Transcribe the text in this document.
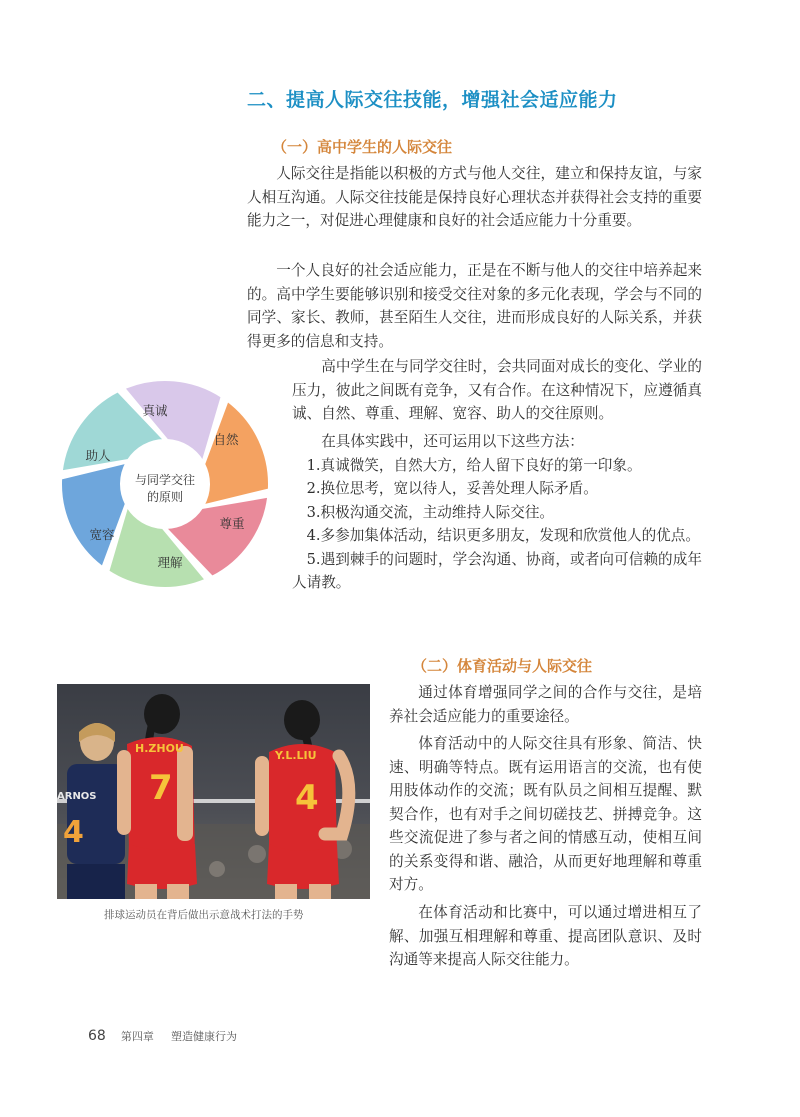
二、提高人际交往技能，增强社会适应能力
（一）高中学生的人际交往

人际交往是指能以积极的方式与他人交往，建立和保持友谊，与家人相互沟通。人际交往技能是保持良好心理状态并获得社会支持的重要能力之一，对促进心理健康和良好的社会适应能力十分重要。

一个人良好的社会适应能力，正是在不断与他人的交往中培养起来的。高中学生要能够识别和接受交往对象的多元化表现，学会与不同的同学、家长、教师，甚至陌生人交往，进而形成良好的人际关系，并获得更多的信息和支持。

高中学生在与同学交往时，会共同面对成长的变化、学业的压力，彼此之间既有竞争，又有合作。在这种情况下，应遵循真诚、自然、尊重、理解、宽容、助人的交往原则。

在具体实践中，还可运用以下这些方法：
1.真诚微笑，自然大方，给人留下良好的第一印象。
2.换位思考，宽以待人，妥善处理人际矛盾。
3.积极沟通交流，主动维持人际交往。
4.多参加集体活动，结识更多朋友，发现和欣赏他人的优点。
5.遇到棘手的问题时，学会沟通、协商，或者向可信赖的成年人请教。
与同学交往
的原则
真诚
自然
尊重
理解
宽容
助人
（二）体育活动与人际交往
ARNOS
4
H.ZHOU
7
Y.L.LIU
4

排球运动员在背后做出示意战术打法的手势

通过体育增强同学之间的合作与交往，是培养社会适应能力的重要途径。

体育活动中的人际交往具有形象、简洁、快速、明确等特点。既有运用语言的交流，也有使用肢体动作的交流；既有队员之间相互提醒、默契合作，也有对手之间切磋技艺、拼搏竞争。这些交流促进了参与者之间的情感互动，使相互间的关系变得和谐、融洽，从而更好地理解和尊重对方。

在体育活动和比赛中，可以通过增进相互了解、加强互相理解和尊重、提高团队意识、及时沟通等来提高人际交往能力。

68 第四章 塑造健康行为
